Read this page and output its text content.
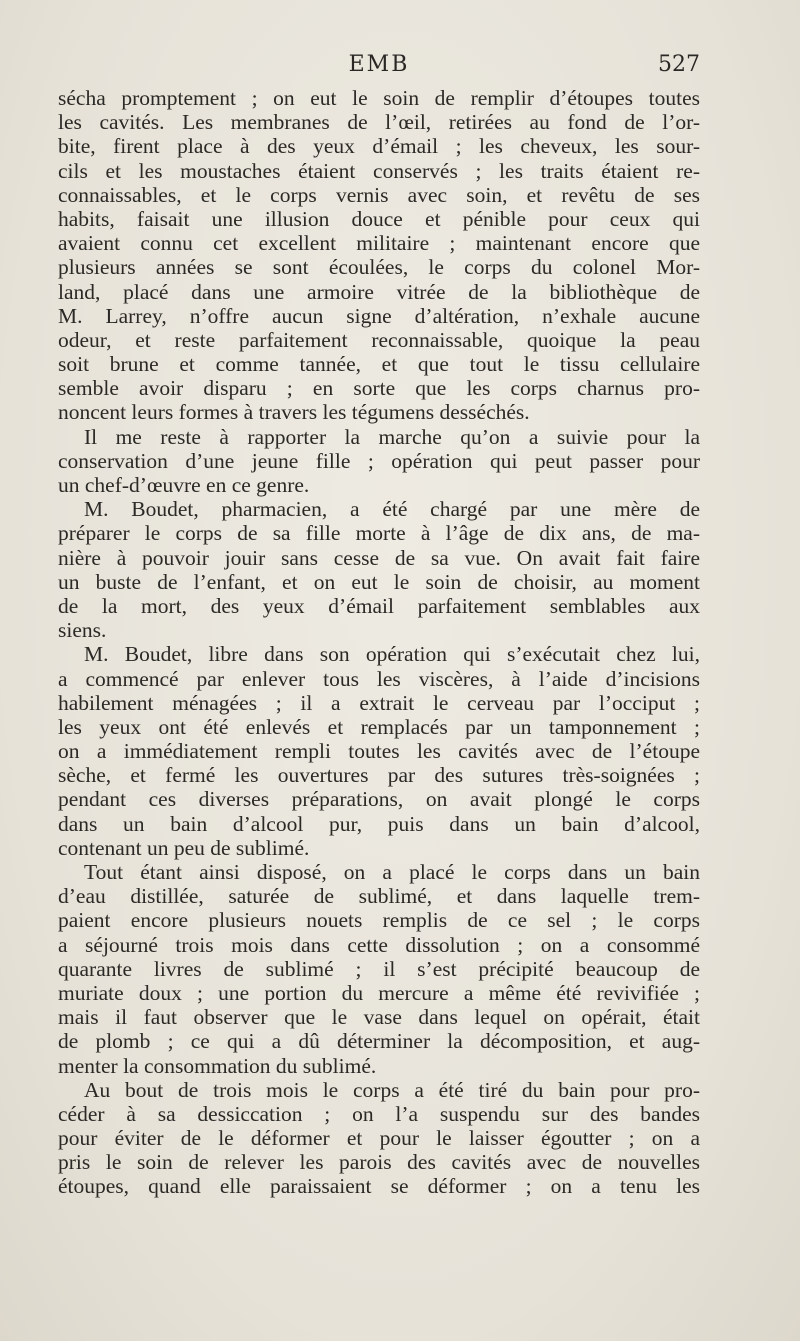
EMB	527

sécha promptement ; on eut le soin de remplir d’étoupes toutes
les cavités. Les membranes de l’œil, retirées au fond de l’or-
bite, firent place à des yeux d’émail ; les cheveux, les sour-
cils et les moustaches étaient conservés ; les traits étaient re-
connaissables, et le corps vernis avec soin, et revêtu de ses
habits, faisait une illusion douce et pénible pour ceux qui
avaient connu cet excellent militaire ; maintenant encore que
plusieurs années se sont écoulées, le corps du colonel Mor-
land, placé dans une armoire vitrée de la bibliothèque de
M. Larrey, n’offre aucun signe d’altération, n’exhale aucune
odeur, et reste parfaitement reconnaissable, quoique la peau
soit brune et comme tannée, et que tout le tissu cellulaire
semble avoir disparu ; en sorte que les corps charnus pro-
noncent leurs formes à travers les tégumens desséchés.

Il me reste à rapporter la marche qu’on a suivie pour la
conservation d’une jeune fille ; opération qui peut passer pour
un chef-d’œuvre en ce genre.

M. Boudet, pharmacien, a été chargé par une mère de
préparer le corps de sa fille morte à l’âge de dix ans, de ma-
nière à pouvoir jouir sans cesse de sa vue. On avait fait faire
un buste de l’enfant, et on eut le soin de choisir, au moment
de la mort, des yeux d’émail parfaitement semblables aux
siens.

M. Boudet, libre dans son opération qui s’exécutait chez lui,
a commencé par enlever tous les viscères, à l’aide d’incisions
habilement ménagées ; il a extrait le cerveau par l’occiput ;
les yeux ont été enlevés et remplacés par un tamponnement ;
on a immédiatement rempli toutes les cavités avec de l’étoupe
sèche, et fermé les ouvertures par des sutures très-soignées ;
pendant ces diverses préparations, on avait plongé le corps
dans un bain d’alcool pur, puis dans un bain d’alcool,
contenant un peu de sublimé.

Tout étant ainsi disposé, on a placé le corps dans un bain
d’eau distillée, saturée de sublimé, et dans laquelle trem-
paient encore plusieurs nouets remplis de ce sel ; le corps
a séjourné trois mois dans cette dissolution ; on a consommé
quarante livres de sublimé ; il s’est précipité beaucoup de
muriate doux ; une portion du mercure a même été revivifiée ;
mais il faut observer que le vase dans lequel on opérait, était
de plomb ; ce qui a dû déterminer la décomposition, et aug-
menter la consommation du sublimé.

Au bout de trois mois le corps a été tiré du bain pour pro-
céder à sa dessiccation ; on l’a suspendu sur des bandes
pour éviter de le déformer et pour le laisser égoutter ; on a
pris le soin de relever les parois des cavités avec de nouvelles
étoupes, quand elle paraissaient se déformer ; on a tenu les
